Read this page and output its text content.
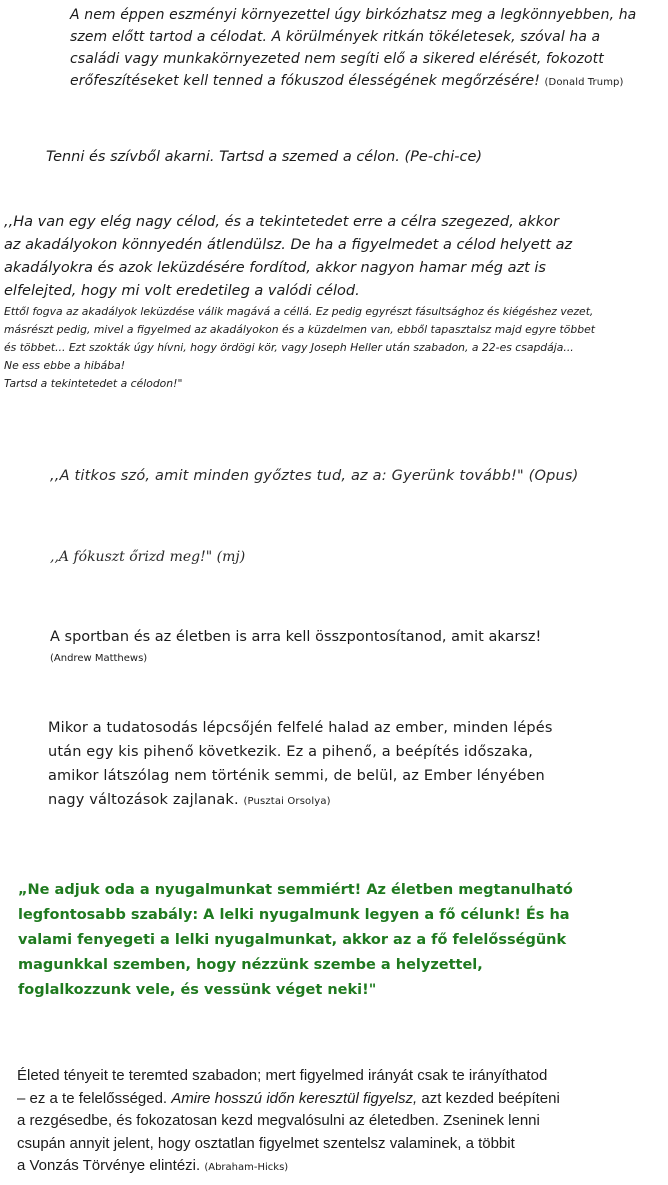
A nem éppen eszményi környezettel úgy birkózhatsz meg a legkönnyebben, ha
szem előtt tartod a célodat. A körülmények ritkán tökéletesek, szóval ha a
családi vagy munkakörnyezeted nem segíti elő a sikered elérését, fokozott
erőfeszítéseket kell tenned a fókuszod élességének megőrzésére! (Donald Trump)
Tenni és szívből akarni. Tartsd a szemed a célon. (Pe-chi-ce)
,,Ha van egy elég nagy célod, és a tekintetedet erre a célra szegezed, akkor
az akadályokon könnyedén átlendülsz. De ha a figyelmedet a célod helyett az
akadályokra és azok leküzdésére fordítod, akkor nagyon hamar még azt is
elfelejted, hogy mi volt eredetileg a valódi célod.
Ettől fogva az akadályok leküzdése válik magává a céllá. Ez pedig egyrészt fásultsághoz és kiégéshez vezet,
másrészt pedig, mivel a figyelmed az akadályokon és a küzdelmen van, ebből tapasztalsz majd egyre többet
és többet... Ezt szokták úgy hívni, hogy ördögi kör, vagy Joseph Heller után szabadon, a 22-es csapdája...
Ne ess ebbe a hibába!
Tartsd a tekintetedet a célodon!"
,,A titkos szó, amit minden győztes tud, az a: Gyerünk tovább!" (Opus)
,,A fókuszt őrizd meg!" (mj)
A sportban és az életben is arra kell összpontosítanod, amit akarsz!
(Andrew Matthews)
Mikor a tudatosodás lépcsőjén felfelé halad az ember, minden lépés
után egy kis pihenő következik. Ez a pihenő, a beépítés időszaka,
amikor látszólag nem történik semmi, de belül, az Ember lényében
nagy változások zajlanak. (Pusztai Orsolya)
„Ne adjuk oda a nyugalmunkat semmiért! Az életben megtanulható
legfontosabb szabály: A lelki nyugalmunk legyen a fő célunk! És ha
valami fenyegeti a lelki nyugalmunkat, akkor az a fő felelősségünk
magunkkal szemben, hogy nézzünk szembe a helyzettel,
foglalkozzunk vele, és vessünk véget neki!"
Életed tényeit te teremted szabadon; mert figyelmed irányát csak te irányíthatod
– ez a te felelősséged. Amire hosszú időn keresztül figyelsz, azt kezded beépíteni
a rezgésedbe, és fokozatosan kezd megvalósulni az életedben. Zseninek lenni
csupán annyit jelent, hogy osztatlan figyelmet szentelsz valaminek, a többit
a Vonzás Törvénye elintézi. (Abraham-Hicks)
